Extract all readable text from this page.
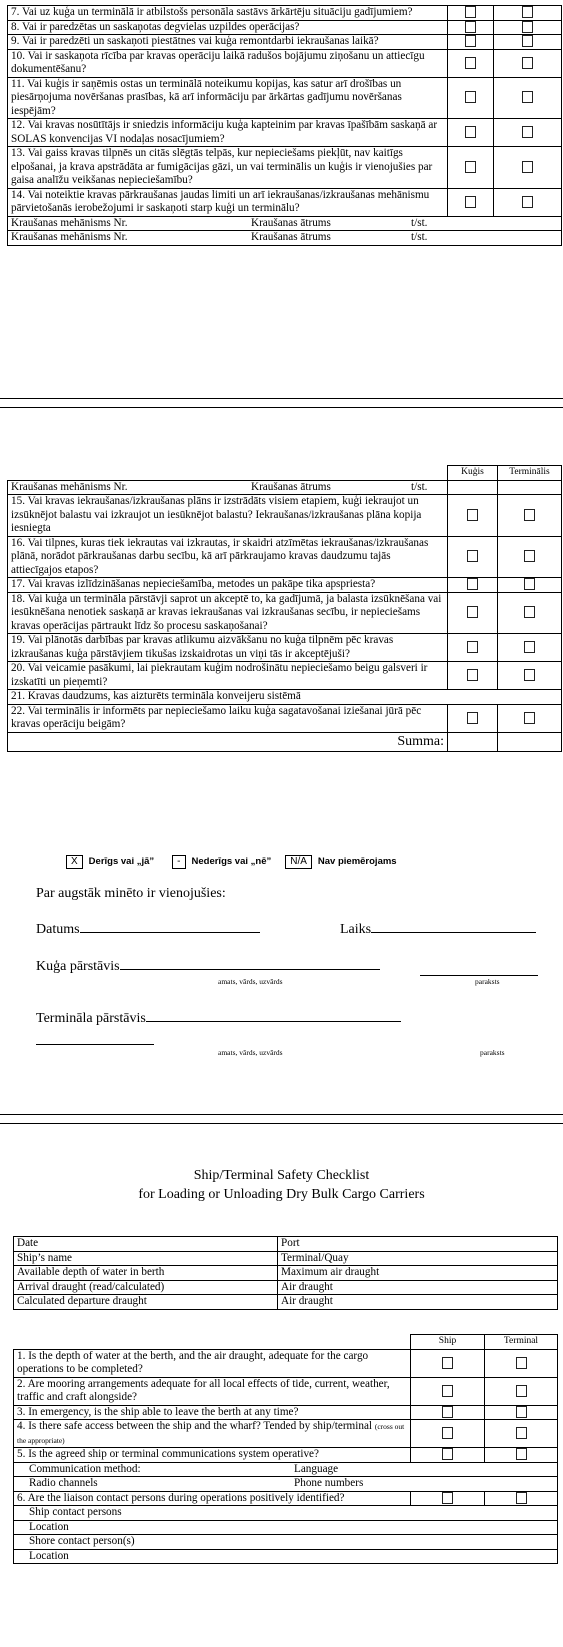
7. Vai uz kuģa un terminālā ir atbilstošs personāla sastāvs ārkārtēju situāciju gadījumiem?		
8. Vai ir paredzētas un saskaņotas degvielas uzpildes operācijas?		
9. Vai ir paredzēti un saskaņoti piestātnes vai kuģa remontdarbi iekraušanas laikā?		
10. Vai ir saskaņota rīcība par kravas operāciju laikā radušos bojājumu ziņošanu un attiecīgu dokumentēšanu?		
11. Vai kuģis ir saņēmis ostas un terminālā noteikumu kopijas, kas satur arī drošības un piesārņojuma novēršanas prasības, kā arī informāciju par ārkārtas gadījumu novēršanas iespējām?		
12. Vai kravas nosūtītājs ir sniedzis informāciju kuģa kapteinim par kravas īpašībām saskaņā ar SOLAS konvencijas VI nodaļas nosacījumiem?		
13. Vai gaiss kravas tilpnēs un citās slēgtās telpās, kur nepieciešams piekļūt, nav kaitīgs elpošanai, ja krava apstrādāta ar fumigācijas gāzi, un vai terminālis un kuģis ir vienojušies par gaisa analīžu veikšanas nepieciešamību?		
14. Vai noteiktie kravas pārkraušanas jaudas limiti un arī iekraušanas/izkraušanas mehānismu pārvietošanās ierobežojumi ir saskaņoti starp kuģi un terminālu?		

Kraušanas mehānisms Nr. Kraušanas ātrums t/st.		

Kraušanas mehānisms Nr. Kraušanas ātrums t/st.		
	Kuģis	Terminālis

Kraušanas mehānisms Nr. Kraušanas ātrums t/st.		

15. Vai kravas iekraušanas/izkraušanas plāns ir izstrādāts visiem etapiem, kuģi iekraujot un izsūknējot balastu vai izkraujot un iesūknējot balastu? Iekraušanas/izkraušanas plāna kopija iesniegta		
16. Vai tilpnes, kuras tiek iekrautas vai izkrautas, ir skaidri atzīmētas iekraušanas/izkraušanas plānā, norādot pārkraušanas darbu secību, kā arī pārkraujamo kravas daudzumu tajās attiecīgajos etapos?		
17. Vai kravas izlīdzināšanas nepieciešamība, metodes un pakāpe tika apspriesta?		
18. Vai kuģa un termināla pārstāvji saprot un akceptē to, ka gadījumā, ja balasta izsūknēšana vai iesūknēšana nenotiek saskaņā ar kravas iekraušanas vai izkraušanas secību, ir nepieciešams kravas operācijas pārtraukt līdz šo procesu saskaņošanai?		
19. Vai plānotās darbības par kravas atlikumu aizvākšanu no kuģa tilpnēm pēc kravas izkraušanas kuģa pārstāvjiem tikušas izskaidrotas un viņi tās ir akceptējuši?		
20. Vai veicamie pasākumi, lai piekrautam kuģim nodrošinātu nepieciešamo beigu galsveri ir izskatīti un pieņemti?		
21. Kravas daudzums, kas aizturēts termināla konveijeru sistēmā		
22. Vai terminālis ir informēts par nepieciešamo laiku kuģa sagatavošanai iziešanai jūrā pēc kravas operāciju beigām?		
Summa:		
X	Derīgs vai „jā”	-	Nederīgs vai „nē”	N/A	Nav piemērojams
Par augstāk minēto ir vienojušies:
Datums	Laiks
Kuģa pārstāvis
amats, vārds, uzvārds	paraksts
Termināla pārstāvis
amats, vārds, uzvārds	paraksts
Ship/Terminal Safety Checklist
for Loading or Unloading Dry Bulk Cargo Carriers
Date	Port
Ship’s name	Terminal/Quay
Available depth of water in berth	Maximum air draught
Arrival draught (read/calculated)	Air draught
Calculated departure draught	Air draught
	Ship	Terminal
1. Is the depth of water at the berth, and the air draught, adequate for the cargo operations to be completed?		
2. Are mooring arrangements adequate for all local effects of tide, current, weather, traffic and craft alongside?		
3. In emergency, is the ship able to leave the berth at any time?		
4. Is there safe access between the ship and the wharf? Tended by ship/terminal (cross out the appropriate)		
5. Is the agreed ship or terminal communications system operative?		

Communication method: Language		

Radio channels Phone numbers		

6. Are the liaison contact persons during operations positively identified?		
Ship contact persons		
Location		
Shore contact person(s)		
Location		
